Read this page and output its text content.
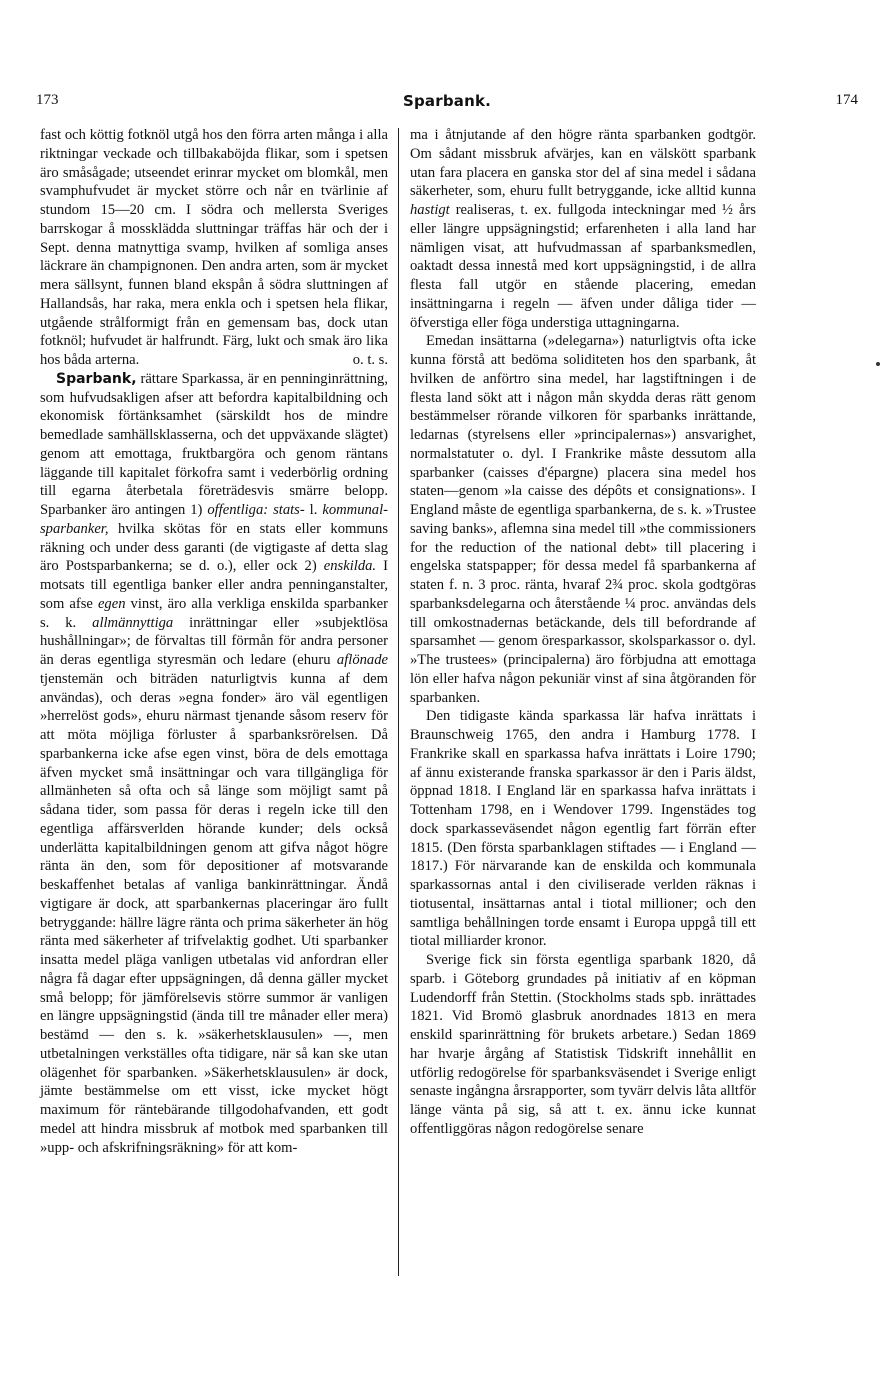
173	Sparbank.	174

fast och köttig fotknöl utgå hos den förra arten många i alla riktningar veckade och tillbakaböjda flikar, som i spetsen äro småsågade; utseendet erinrar mycket om blomkål, men svamphufvudet är mycket större och når en tvärlinie af stundom 15—20 cm. I södra och mellersta Sveriges barrskogar å mossklädda sluttningar träffas här och der i Sept. denna matnyttiga svamp, hvilken af somliga anses läckrare än champignonen. Den andra arten, som är mycket mera sällsynt, funnen bland ekspån å södra sluttningen af Hallandsås, har raka, mera enkla och i spetsen hela flikar, utgående strålformigt från en gemensam bas, dock utan fotknöl; hufvudet är halfrundt. Färg, lukt och smak äro lika hos båda arterna.	o. t. s.

Sparbank, rättare Sparkassa, är en penninginrättning, som hufvudsakligen afser att befordra kapitalbildning och ekonomisk förtänksamhet (särskildt hos de mindre bemedlade samhällsklasserna, och det uppväxande slägtet) genom att emottaga, fruktbargöra och genom räntans läggande till kapitalet förkofra samt i vederbörlig ordning till egarna återbetala företrädesvis smärre belopp. Sparbanker äro antingen 1) offentliga: stats- l. kommunal-sparbanker, hvilka skötas för en stats eller kommuns räkning och under dess garanti (de vigtigaste af detta slag äro Postsparbankerna; se d. o.), eller ock 2) enskilda. I motsats till egentliga banker eller andra penninganstalter, som afse egen vinst, äro alla verkliga enskilda sparbanker s. k. allmännyttiga inrättningar eller »subjektlösa hushållningar»; de förvaltas till förmån för andra personer än deras egentliga styresmän och ledare (ehuru aflönade tjenstemän och biträden naturligtvis kunna af dem användas), och deras »egna fonder» äro väl egentligen »herrelöst gods», ehuru närmast tjenande såsom reserv för att möta möjliga förluster å sparbanksrörelsen. Då sparbankerna icke afse egen vinst, böra de dels emottaga äfven mycket små insättningar och vara tillgängliga för allmänheten så ofta och så länge som möjligt samt på sådana tider, som passa för deras i regeln icke till den egentliga affärsverlden hörande kunder; dels också underlätta kapitalbildningen genom att gifva något högre ränta än den, som för depositioner af motsvarande beskaffenhet betalas af vanliga bankinrättningar. Ändå vigtigare är dock, att sparbankernas placeringar äro fullt betryggande: hällre lägre ränta och prima säkerheter än hög ränta med säkerheter af trifvelaktig godhet. Uti sparbanker insatta medel pläga vanligen utbetalas vid anfordran eller några få dagar efter uppsägningen, då denna gäller mycket små belopp; för jämförelsevis större summor är vanligen en längre uppsägningstid (ända till tre månader eller mera) bestämd — den s. k. »säkerhetsklausulen» —, men utbetalningen verkställes ofta tidigare, när så kan ske utan olägenhet för sparbanken. »Säkerhetsklausulen» är dock, jämte bestämmelse om ett visst, icke mycket högt maximum för räntebärande tillgodohafvanden, ett godt medel att hindra missbruk af motbok med sparbanken till »upp- och afskrifningsräkning» för att kom-

ma i åtnjutande af den högre ränta sparbanken godtgör. Om sådant missbruk afvärjes, kan en välskött sparbank utan fara placera en ganska stor del af sina medel i sådana säkerheter, som, ehuru fullt betryggande, icke alltid kunna hastigt realiseras, t. ex. fullgoda inteckningar med ½ års eller längre uppsägningstid; erfarenheten i alla land har nämligen visat, att hufvudmassan af sparbanksmedlen, oaktadt dessa innestå med kort uppsägningstid, i de allra flesta fall utgör en stående placering, emedan insättningarna i regeln — äfven under dåliga tider — öfverstiga eller föga understiga uttagningarna.

Emedan insättarna (»delegarna») naturligtvis ofta icke kunna förstå att bedöma soliditeten hos den sparbank, åt hvilken de anförtro sina medel, har lagstiftningen i de flesta land sökt att i någon mån skydda deras rätt genom bestämmelser rörande vilkoren för sparbanks inrättande, ledarnas (styrelsens eller »principalernas») ansvarighet, normalstatuter o. dyl. I Frankrike måste dessutom alla sparbanker (caisses d'épargne) placera sina medel hos staten—genom »la caisse des dépôts et consignations». I England måste de egentliga sparbankerna, de s. k. »Trustee saving banks», aflemna sina medel till »the commissioners for the reduction of the national debt» till placering i engelska statspapper; för dessa medel få sparbankerna af staten f. n. 3 proc. ränta, hvaraf 2¾ proc. skola godtgöras sparbanksdelegarna och återstående ¼ proc. användas dels till omkostnadernas betäckande, dels till befordrande af sparsamhet — genom öresparkassor, skolsparkassor o. dyl. »The trustees» (principalerna) äro förbjudna att emottaga lön eller hafva någon pekuniär vinst af sina åtgöranden för sparbanken.

Den tidigaste kända sparkassa lär hafva inrättats i Braunschweig 1765, den andra i Hamburg 1778. I Frankrike skall en sparkassa hafva inrättats i Loire 1790; af ännu existerande franska sparkassor är den i Paris äldst, öppnad 1818. I England lär en sparkassa hafva inrättats i Tottenham 1798, en i Wendover 1799. Ingenstädes tog dock sparkasseväsendet någon egentlig fart förrän efter 1815. (Den första sparbanklagen stiftades — i England — 1817.) För närvarande kan de enskilda och kommunala sparkassornas antal i den civiliserade verlden räknas i tiotusental, insättarnas antal i tiotal millioner; och den samtliga behållningen torde ensamt i Europa uppgå till ett tiotal milliarder kronor.

Sverige fick sin första egentliga sparbank 1820, då sparb. i Göteborg grundades på initiativ af en köpman Ludendorff från Stettin. (Stockholms stads spb. inrättades 1821. Vid Bromö glasbruk anordnades 1813 en mera enskild sparinrättning för brukets arbetare.) Sedan 1869 har hvarje årgång af Statistisk Tidskrift innehållit en utförlig redogörelse för sparbanksväsendet i Sverige enligt senaste ingångna årsrapporter, som tyvärr delvis låta alltför länge vänta på sig, så att t. ex. ännu icke kunnat offentliggöras någon redogörelse senare
